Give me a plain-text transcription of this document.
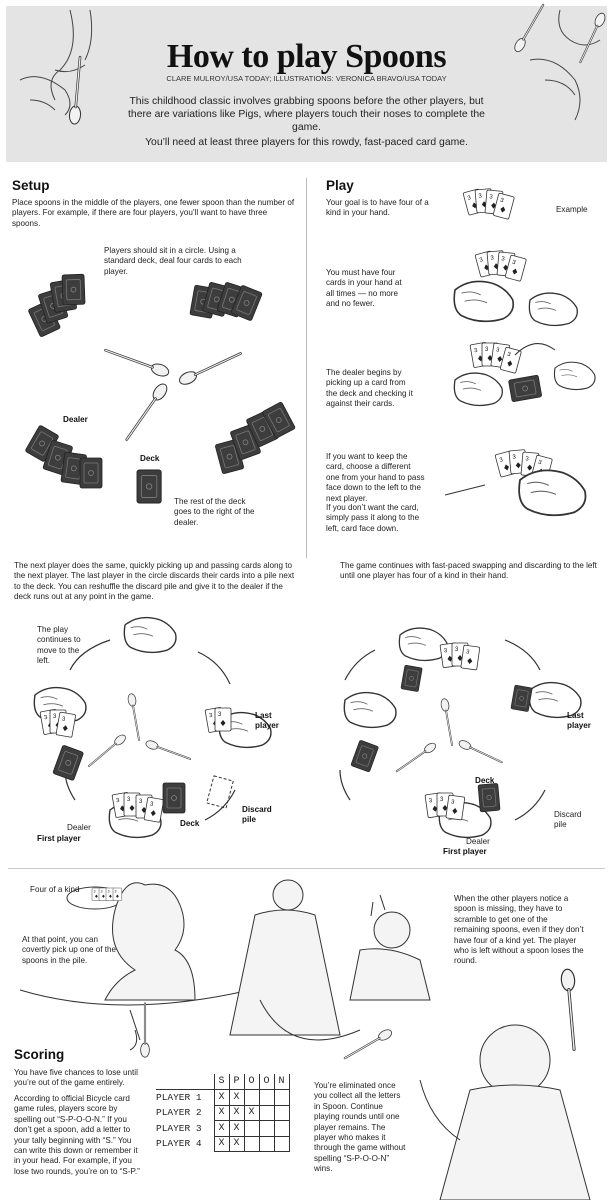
How to play Spoons
CLARE MULROY/USA TODAY; ILLUSTRATIONS: VERONICA BRAVO/USA TODAY
This childhood classic involves grabbing spoons before the other players, but there are variations like Pigs, where players touch their noses to complete the game.
You’ll need at least three players for this rowdy, fast-paced card game.
3
Setup
Place spoons in the middle of the players, one fewer spoon than the number of players. For example, if there are four players, you’ll want to have three spoons.
Players should sit in a circle. Using a standard deck, deal four cards to each player.
Dealer
Deck
The rest of the deck goes to the right of the dealer.
Play
Your goal is to have four of a kind in your hand.	Example
You must have four cards in your hand at all times — no more and no fewer.
The dealer begins by picking up a card from the deck and checking it against their cards.
If you want to keep the card, choose a different one from your hand to pass face down to the left to the next player.
If you don’t want the card, simply pass it along to the left, card face down.
The next player does the same, quickly picking up and passing cards along to the next player. The last player in the circle discards their cards into a pile next to the deck. You can reshuffle the discard pile and give it to the dealer if the deck runs out at any point in the game.
The game continues with fast-paced swapping and discarding to the left until one player has four of a kind in their hand.
The play continues to move to the left.
Last player
Dealer
First player
Deck
Discard pile
Last player
Deck
Dealer
First player
Discard pile
Four of a kind
At that point, you can covertly pick up one of the spoons in the pile.
When the other players notice a spoon is missing, they have to scramble to get one of the remaining spoons, even if they don’t have four of a kind yet. The player who is left without a spoon loses the round.
Scoring
You have five chances to lose until you’re out of the game entirely.
According to official Bicycle card game rules, players score by spelling out “S-P-O-O-N.” If you don’t get a spoon, add a letter to your tally beginning with “S.” You can write this down or remember it in your head. For example, if you lose two rounds, you’re on to “S-P.”
You’re eliminated once you collect all the letters in Spoon. Continue playing rounds until one player remains. The player who makes it through the game without spelling “S-P-O-O-N” wins.
	S	P	O	O	N
PLAYER 1	X	X			
PLAYER 2	X	X	X		
PLAYER 3	X	X			
PLAYER 4	X	X			
